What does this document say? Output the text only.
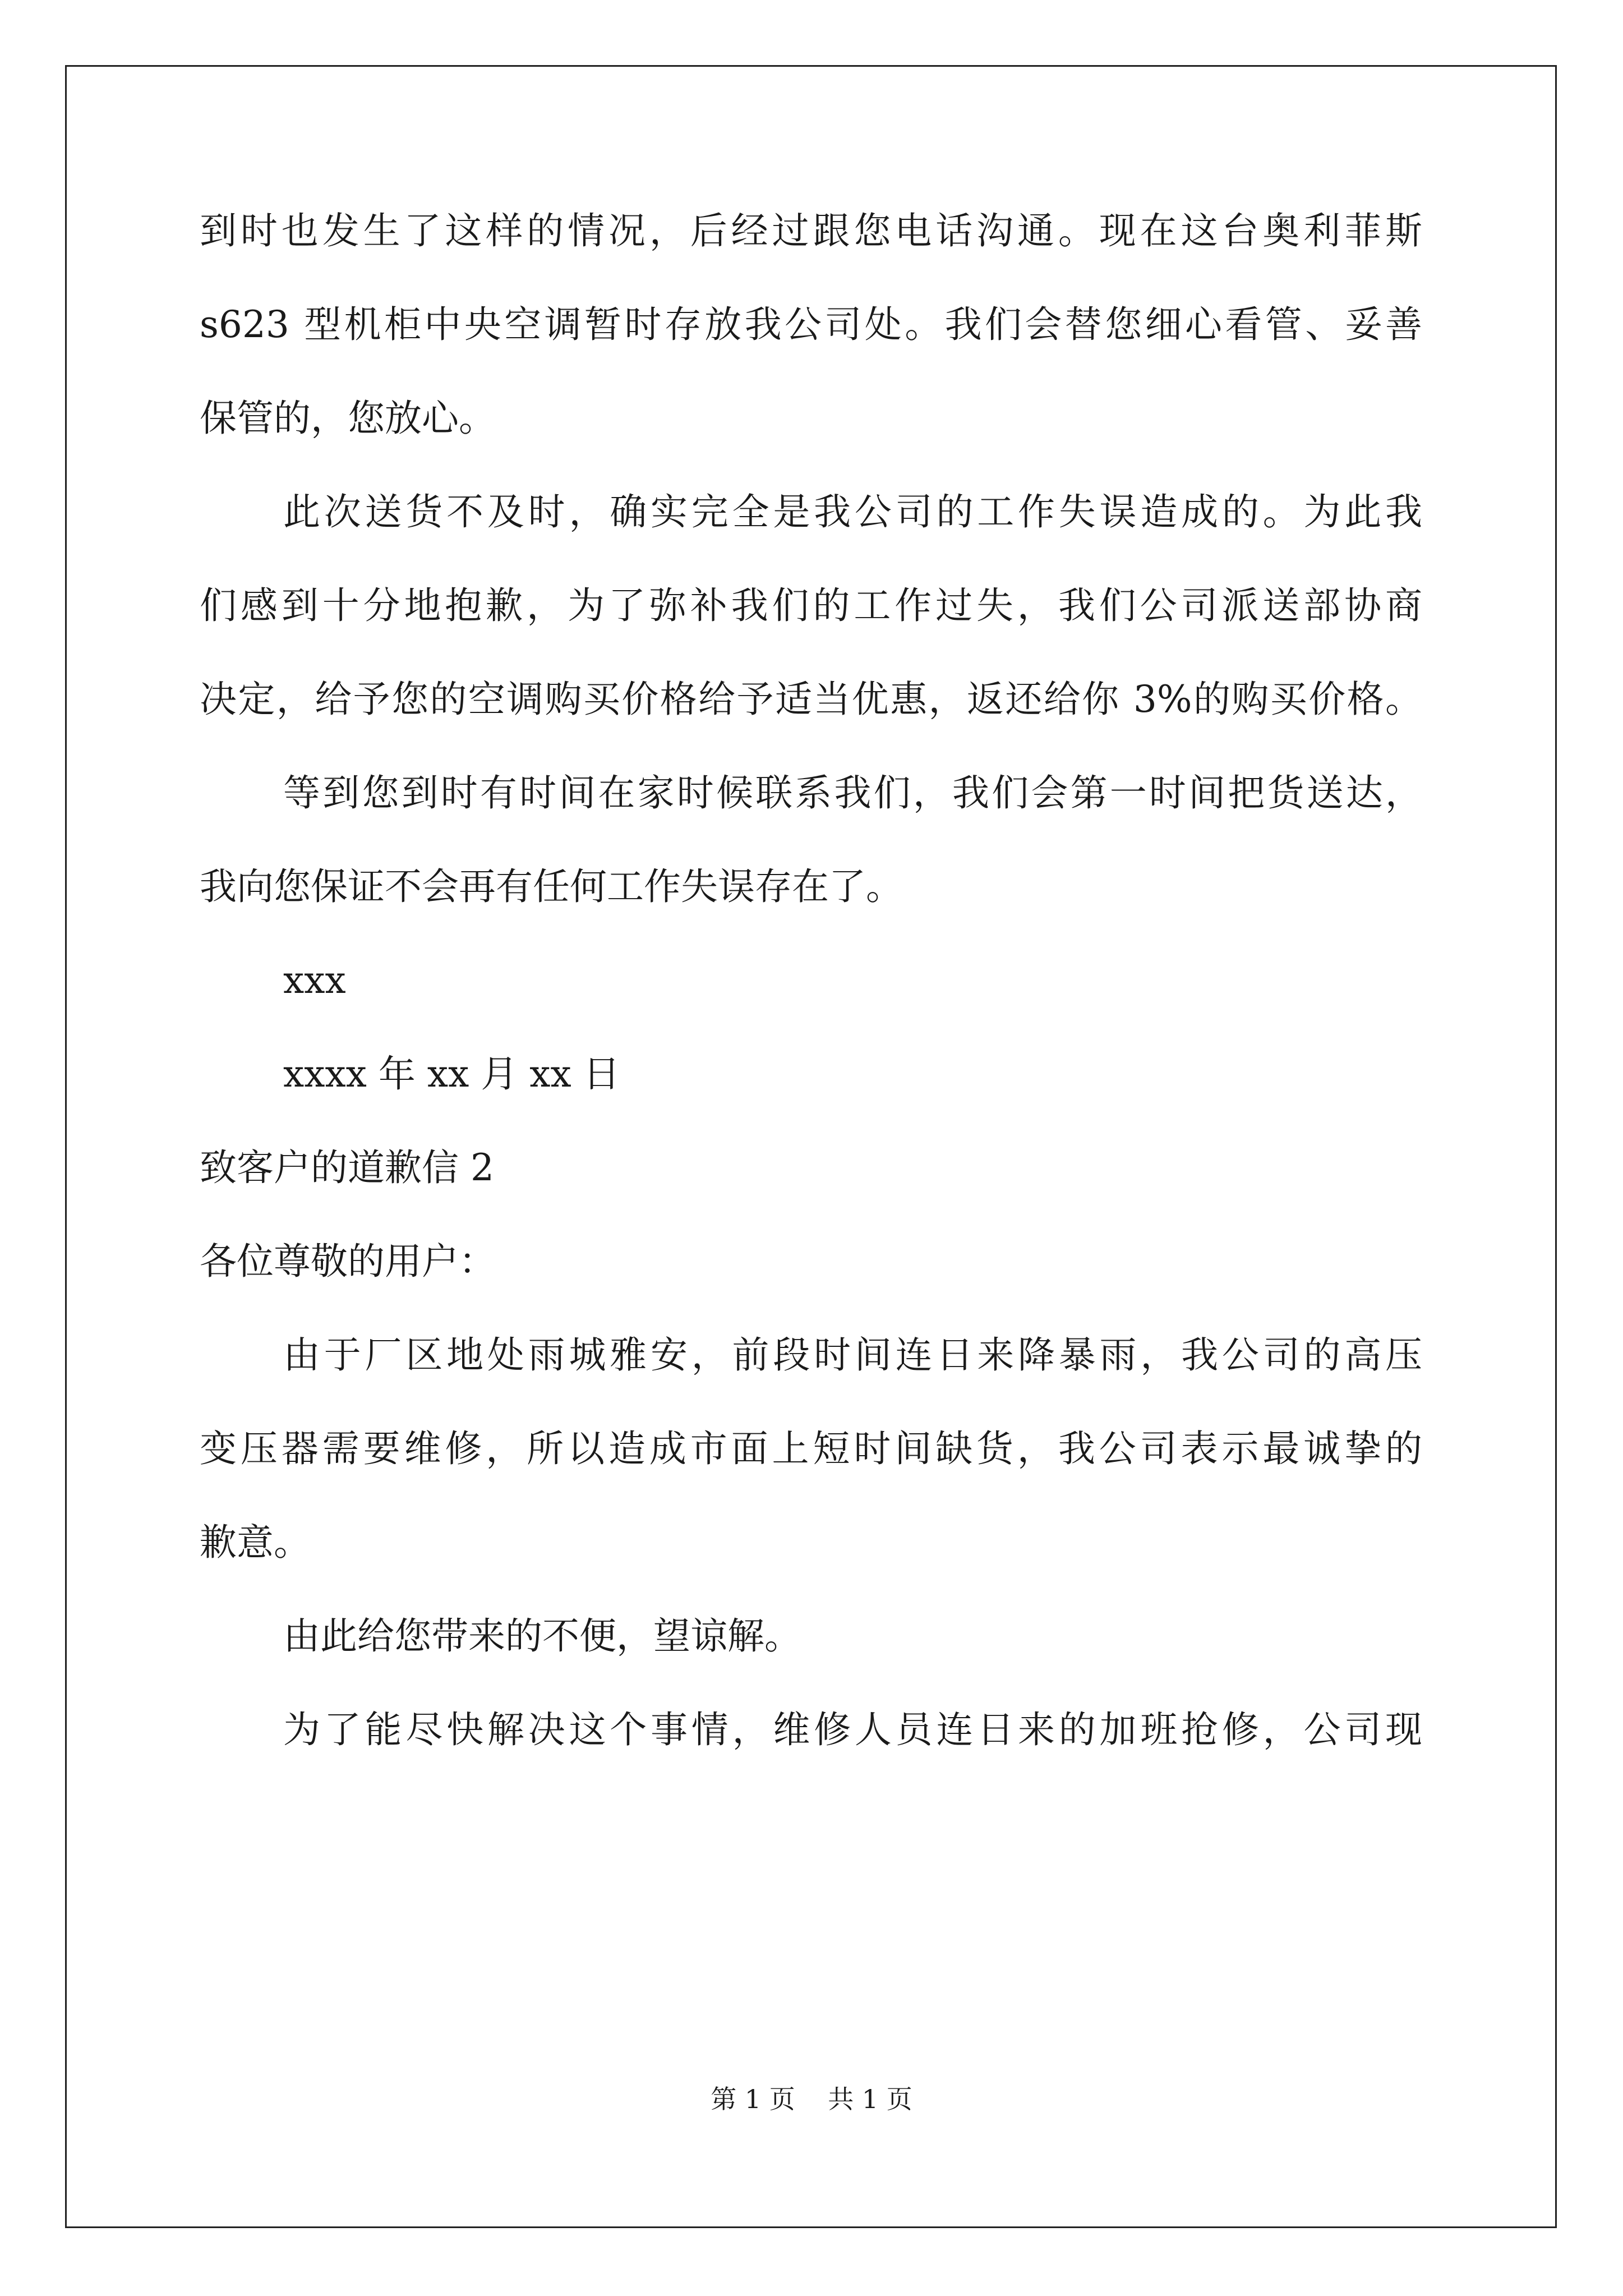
到时也发生了这样的情况，后经过跟您电话沟通。现在这台奥利菲斯
s623 型机柜中央空调暂时存放我公司处。我们会替您细心看管、妥善
保管的，您放心。
此次送货不及时，确实完全是我公司的工作失误造成的。为此我
们感到十分地抱歉，为了弥补我们的工作过失，我们公司派送部协商
决定，给予您的空调购买价格给予适当优惠，返还给你 3%的购买价格。
等到您到时有时间在家时候联系我们，我们会第一时间把货送达，
我向您保证不会再有任何工作失误存在了。
xxx
xxxx 年 xx 月 xx 日
致客户的道歉信 2
各位尊敬的用户：
由于厂区地处雨城雅安，前段时间连日来降暴雨，我公司的高压
变压器需要维修，所以造成市面上短时间缺货，我公司表示最诚挚的
歉意。
由此给您带来的不便，望谅解。
为了能尽快解决这个事情，维修人员连日来的加班抢修，公司现
第 1 页    共 1 页
